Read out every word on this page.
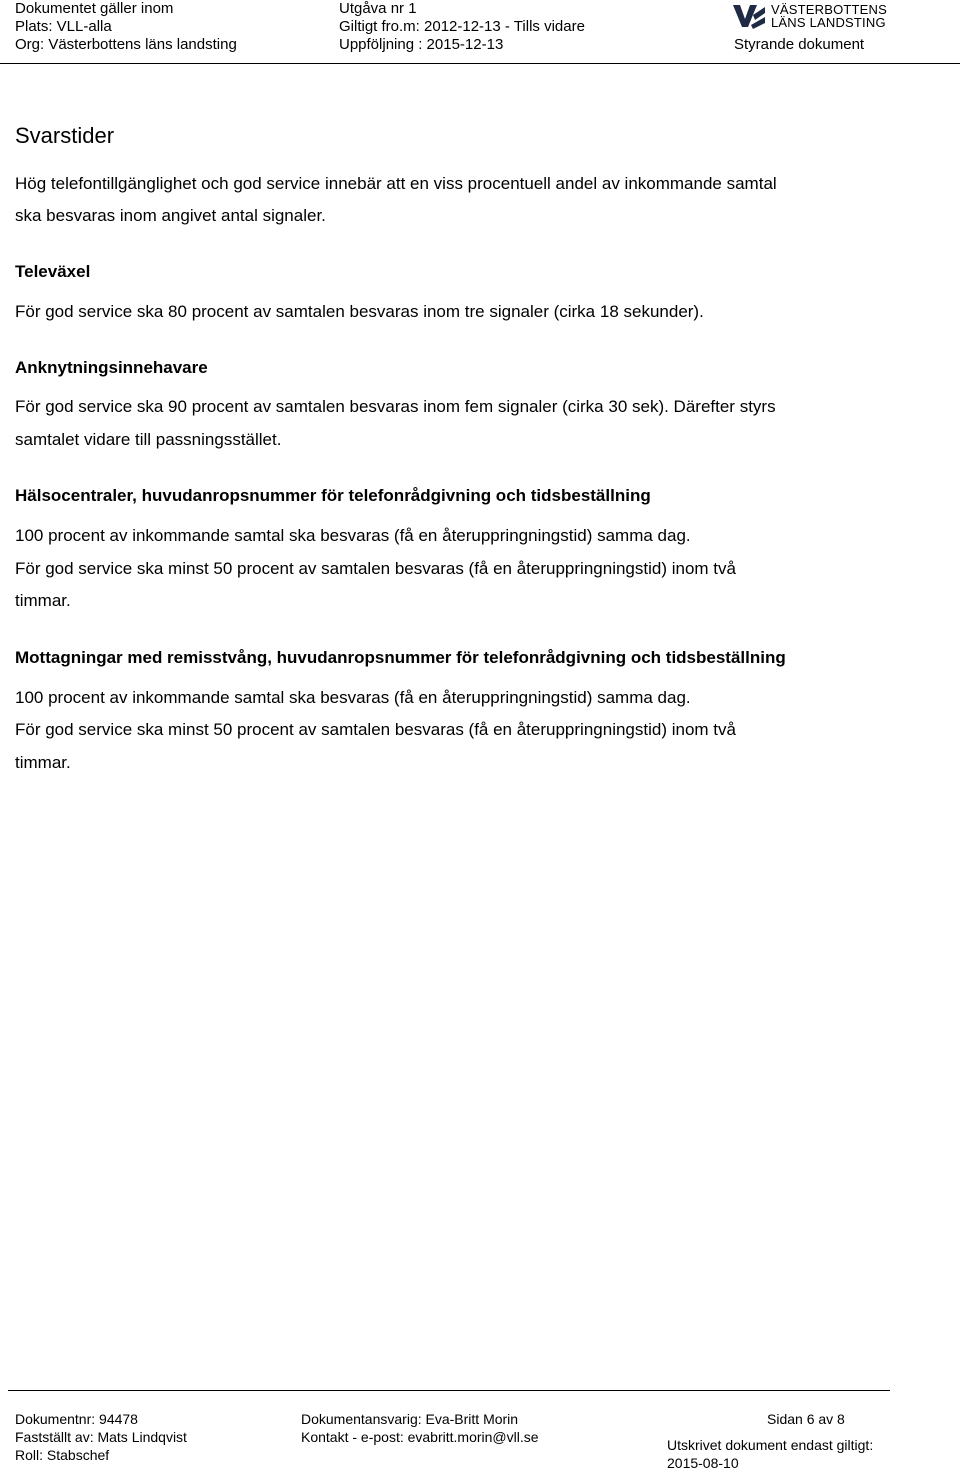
Dokumentet gäller inom
Plats: VLL-alla
Org: Västerbottens läns landsting
Utgåva nr 1
Giltigt fro.m: 2012-12-13 - Tills vidare
Uppföljning : 2015-12-13	Styrande dokument
VÄSTERBOTTENS
LÄNS LANDSTING
Svarstider
Hög telefontillgänglighet och god service innebär att en viss procentuell andel av inkommande samtal
ska besvaras inom angivet antal signaler.
Televäxel
För god service ska 80 procent av samtalen besvaras inom tre signaler (cirka 18 sekunder).
Anknytningsinnehavare
För god service ska 90 procent av samtalen besvaras inom fem signaler (cirka 30 sek). Därefter styrs
samtalet vidare till passningsstället.
Hälsocentraler, huvudanropsnummer för telefonrådgivning och tidsbeställning
100 procent av inkommande samtal ska besvaras (få en återuppringningstid) samma dag.
För god service ska minst 50 procent av samtalen besvaras (få en återuppringningstid) inom två
timmar.
Mottagningar med remisstvång, huvudanropsnummer för telefonrådgivning och tidsbeställning
100 procent av inkommande samtal ska besvaras (få en återuppringningstid) samma dag.
För god service ska minst 50 procent av samtalen besvaras (få en återuppringningstid) inom två
timmar.
Dokumentnr: 94478
Fastställt av: Mats Lindqvist
Roll: Stabschef
Dokumentansvarig: Eva-Britt Morin
Kontakt - e-post: evabritt.morin@vll.se
Sidan 6 av 8
Utskrivet dokument endast giltigt:
2015-08-10
